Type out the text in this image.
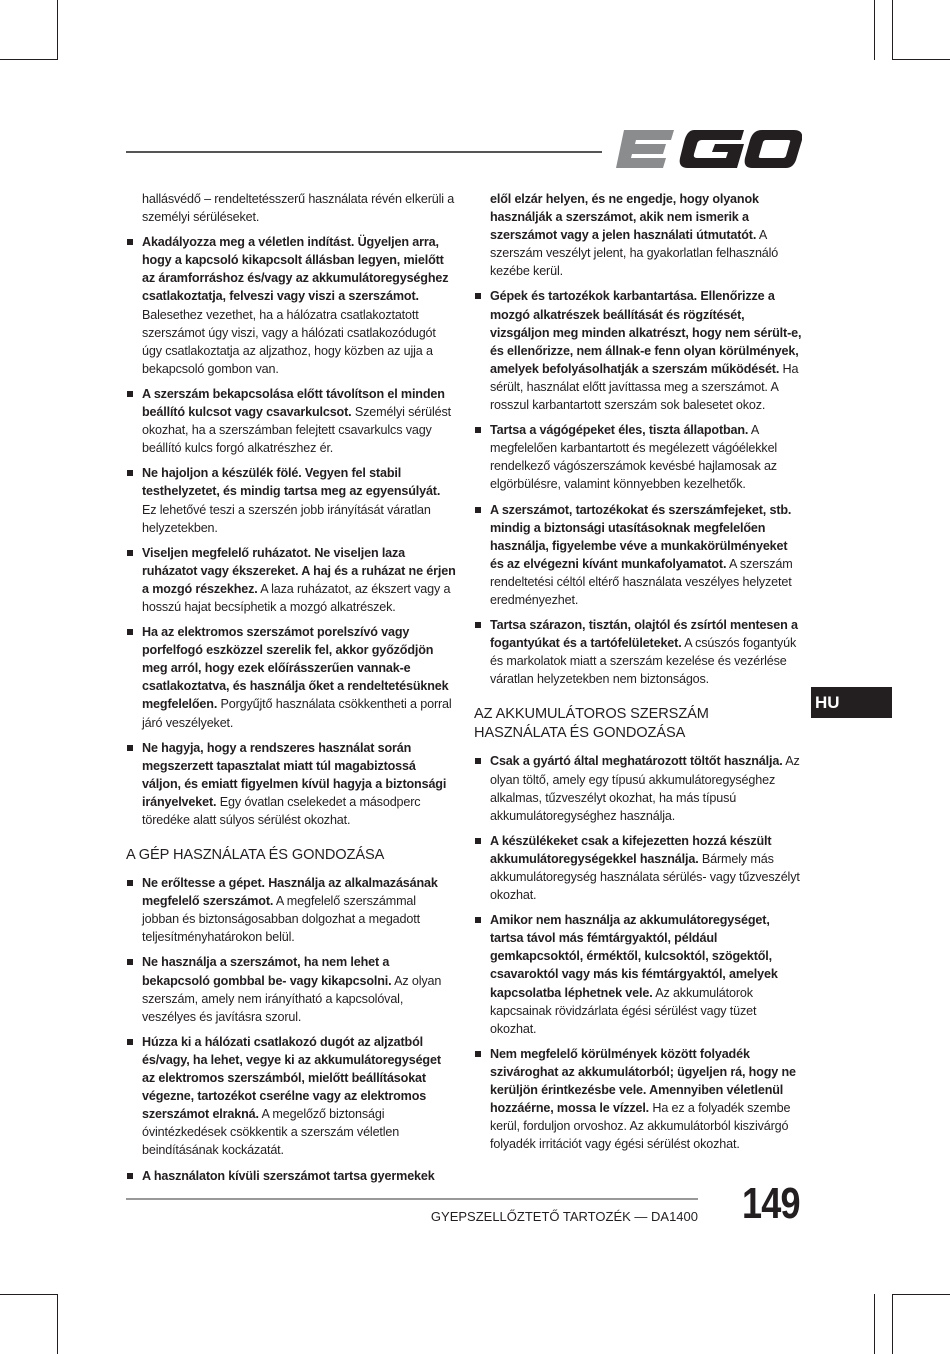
hallásvédő – rendeltetésszerű használata révén elkerüli a személyi sérüléseket.
Akadályozza meg a véletlen indítást. Ügyeljen arra, hogy a kapcsoló kikapcsolt állásban legyen, mielőtt az áramforráshoz és/vagy az akkumulátoregységhez csatlakoztatja, felveszi vagy viszi a szerszámot. Balesethez vezethet, ha a hálózatra csatlakoztatott szerszámot úgy viszi, vagy a hálózati csatlakozódugót úgy csatlakoztatja az aljzathoz, hogy közben az ujja a bekapcsoló gombon van.
A szerszám bekapcsolása előtt távolítson el minden beállító kulcsot vagy csavarkulcsot. Személyi sérülést okozhat, ha a szerszámban felejtett csavarkulcs vagy beállító kulcs forgó alkatrészhez ér.
Ne hajoljon a készülék fölé. Vegyen fel stabil testhelyzetet, és mindig tartsa meg az egyensúlyát. Ez lehetővé teszi a szerszén jobb irányítását váratlan helyzetekben.
Viseljen megfelelő ruházatot. Ne viseljen laza ruházatot vagy ékszereket. A haj és a ruházat ne érjen a mozgó részekhez. A laza ruházatot, az ékszert vagy a hosszú hajat becsíphetik a mozgó alkatrészek.
Ha az elektromos szerszámot porelszívó vagy porfelfogó eszközzel szerelik fel, akkor győződjön meg arról, hogy ezek előírásszerűen vannak-e csatlakoztatva, és használja őket a rendeltetésüknek megfelelően. Porgyűjtő használata csökkentheti a porral járó veszélyeket.
Ne hagyja, hogy a rendszeres használat során megszerzett tapasztalat miatt túl magabiztossá váljon, és emiatt figyelmen kívül hagyja a biztonsági irányelveket. Egy óvatlan cselekedet a másodperc töredéke alatt súlyos sérülést okozhat.
A GÉP HASZNÁLATA ÉS GONDOZÁSA
Ne erőltesse a gépet. Használja az alkalmazásának megfelelő szerszámot. A megfelelő szerszámmal jobban és biztonságosabban dolgozhat a megadott teljesítményhatárokon belül.
Ne használja a szerszámot, ha nem lehet a bekapcsoló gombbal be- vagy kikapcsolni. Az olyan szerszám, amely nem irányítható a kapcsolóval, veszélyes és javításra szorul.
Húzza ki a hálózati csatlakozó dugót az aljzatból és/vagy, ha lehet, vegye ki az akkumulátoregységet az elektromos szerszámból, mielőtt beállításokat végezne, tartozékot cserélne vagy az elektromos szerszámot elrakná. A megelőző biztonsági óvintézkedések csökkentik a szerszám véletlen beindításának kockázatát.
A használaton kívüli szerszámot tartsa gyermekek
elől elzár helyen, és ne engedje, hogy olyanok használják a szerszámot, akik nem ismerik a szerszámot vagy a jelen használati útmutatót. A szerszám veszélyt jelent, ha gyakorlatlan felhasználó kezébe kerül.
Gépek és tartozékok karbantartása. Ellenőrizze a mozgó alkatrészek beállítását és rögzítését, vizsgáljon meg minden alkatrészt, hogy nem sérült-e, és ellenőrizze, nem állnak-e fenn olyan körülmények, amelyek befolyásolhatják a szerszám működését. Ha sérült, használat előtt javíttassa meg a szerszámot. A rosszul karbantartott szerszám sok balesetet okoz.
Tartsa a vágógépeket éles, tiszta állapotban. A megfelelően karbantartott és megélezett vágóélekkel rendelkező vágószerszámok kevésbé hajlamosak az elgörbülésre, valamint könnyebben kezelhetők.
A szerszámot, tartozékokat és szerszámfejeket, stb. mindig a biztonsági utasításoknak megfelelően használja, figyelembe véve a munkakörülményeket és az elvégezni kívánt munkafolyamatot. A szerszám rendeltetési céltól eltérő használata veszélyes helyzetet eredményezhet.
Tartsa szárazon, tisztán, olajtól és zsírtól mentesen a fogantyúkat és a tartófelületeket. A csúszós fogantyúk és markolatok miatt a szerszám kezelése és vezérlése váratlan helyzetekben nem biztonságos.
AZ AKKUMULÁTOROS SZERSZÁM HASZNÁLATA ÉS GONDOZÁSA
Csak a gyártó által meghatározott töltőt használja. Az olyan töltő, amely egy típusú akkumulátoregységhez alkalmas, tűzveszélyt okozhat, ha más típusú akkumulátoregységhez használja.
A készülékeket csak a kifejezetten hozzá készült akkumulátoregységekkel használja. Bármely más akkumulátoregység használata sérülés- vagy tűzveszélyt okozhat.
Amikor nem használja az akkumulátoregységet, tartsa távol más fémtárgyaktól, például gemkapcsoktól, érméktől, kulcsoktól, szögektől, csavaroktól vagy más kis fémtárgyaktól, amelyek kapcsolatba léphetnek vele. Az akkumulátorok kapcsainak rövidzárlata égési sérülést vagy tüzet okozhat.
Nem megfelelő körülmények között folyadék szivároghat az akkumulátorból; ügyeljen rá, hogy ne kerüljön érintkezésbe vele. Amennyiben véletlenül hozzáérne, mossa le vízzel. Ha ez a folyadék szembe kerül, forduljon orvoshoz. Az akkumulátorból kiszivárgó folyadék irritációt vagy égési sérülést okozhat.
HU
GYEPSZELLŐZTETŐ TARTOZÉK — DA1400 149
